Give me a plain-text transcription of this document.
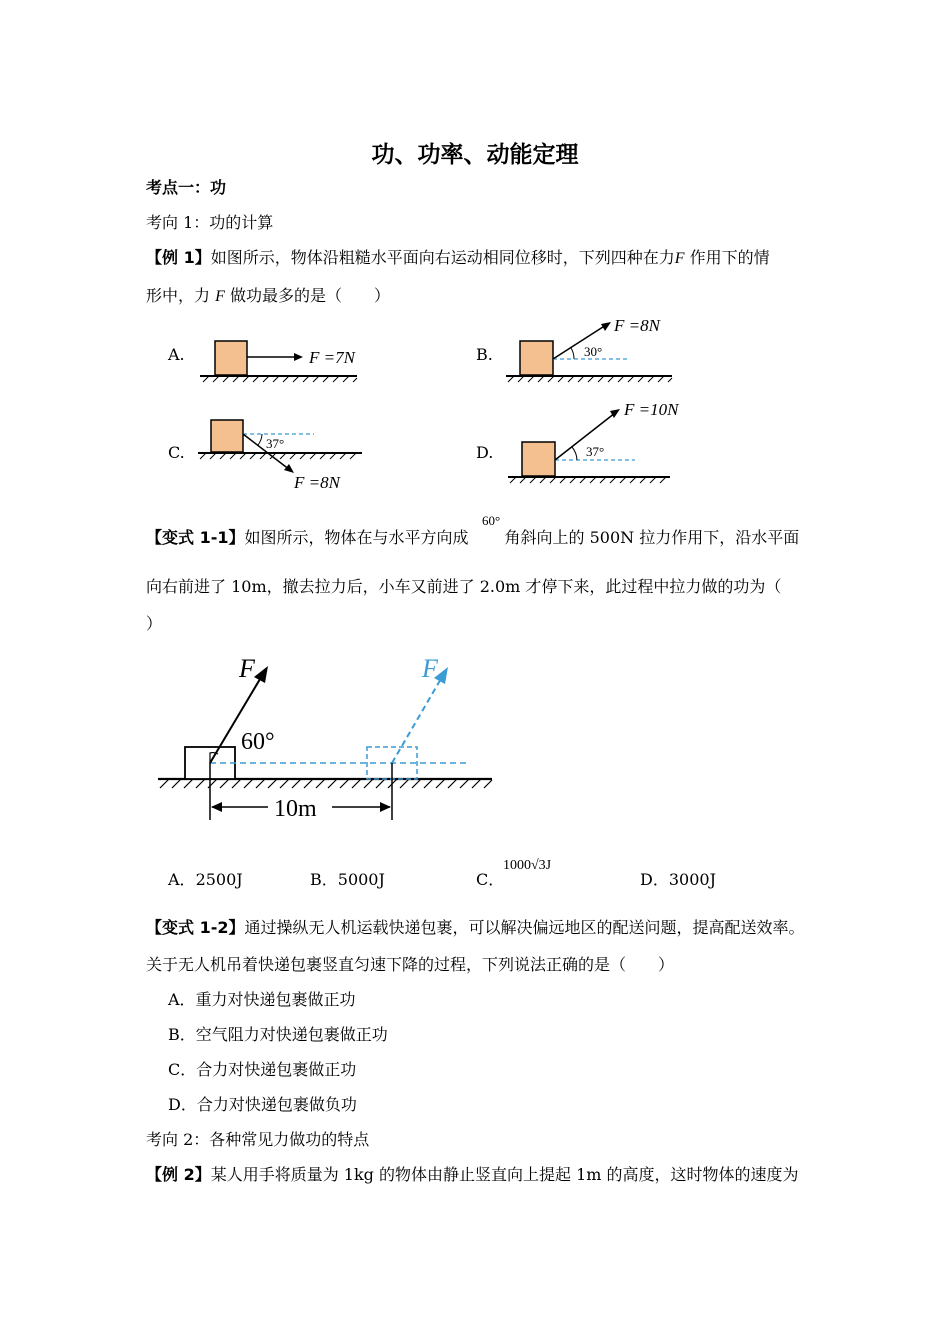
功、功率、动能定理
考点一：功
考向 1：功的计算
【例 1】如图所示，物体沿粗糙水平面向右运动相同位移时，下列四种在力F 作用下的情
形中，力 F 做功最多的是（　　）
A.	F =7N	B.	30°
F =8N
C.	37°
F =8N
D.	37°
F =10N
【变式 1-1】如图所示，物体在与水平方向成 角斜向上的 500N 拉力作用下，沿水平面
60°
向右前进了 10m，撤去拉力后，小车又前进了 2.0m 才停下来，此过程中拉力做的功为（
）
F	F
60°
10m
A．2500J	B．5000J	C．
1000√3J
D．3000J
【变式 1-2】通过操纵无人机运载快递包裹，可以解决偏远地区的配送问题，提高配送效率。
关于无人机吊着快递包裹竖直匀速下降的过程，下列说法正确的是（　　）
A．重力对快递包裹做正功
B．空气阻力对快递包裹做正功
C．合力对快递包裹做正功
D．合力对快递包裹做负功
考向 2：各种常见力做功的特点
【例 2】某人用手将质量为 1kg 的物体由静止竖直向上提起 1m 的高度，这时物体的速度为
